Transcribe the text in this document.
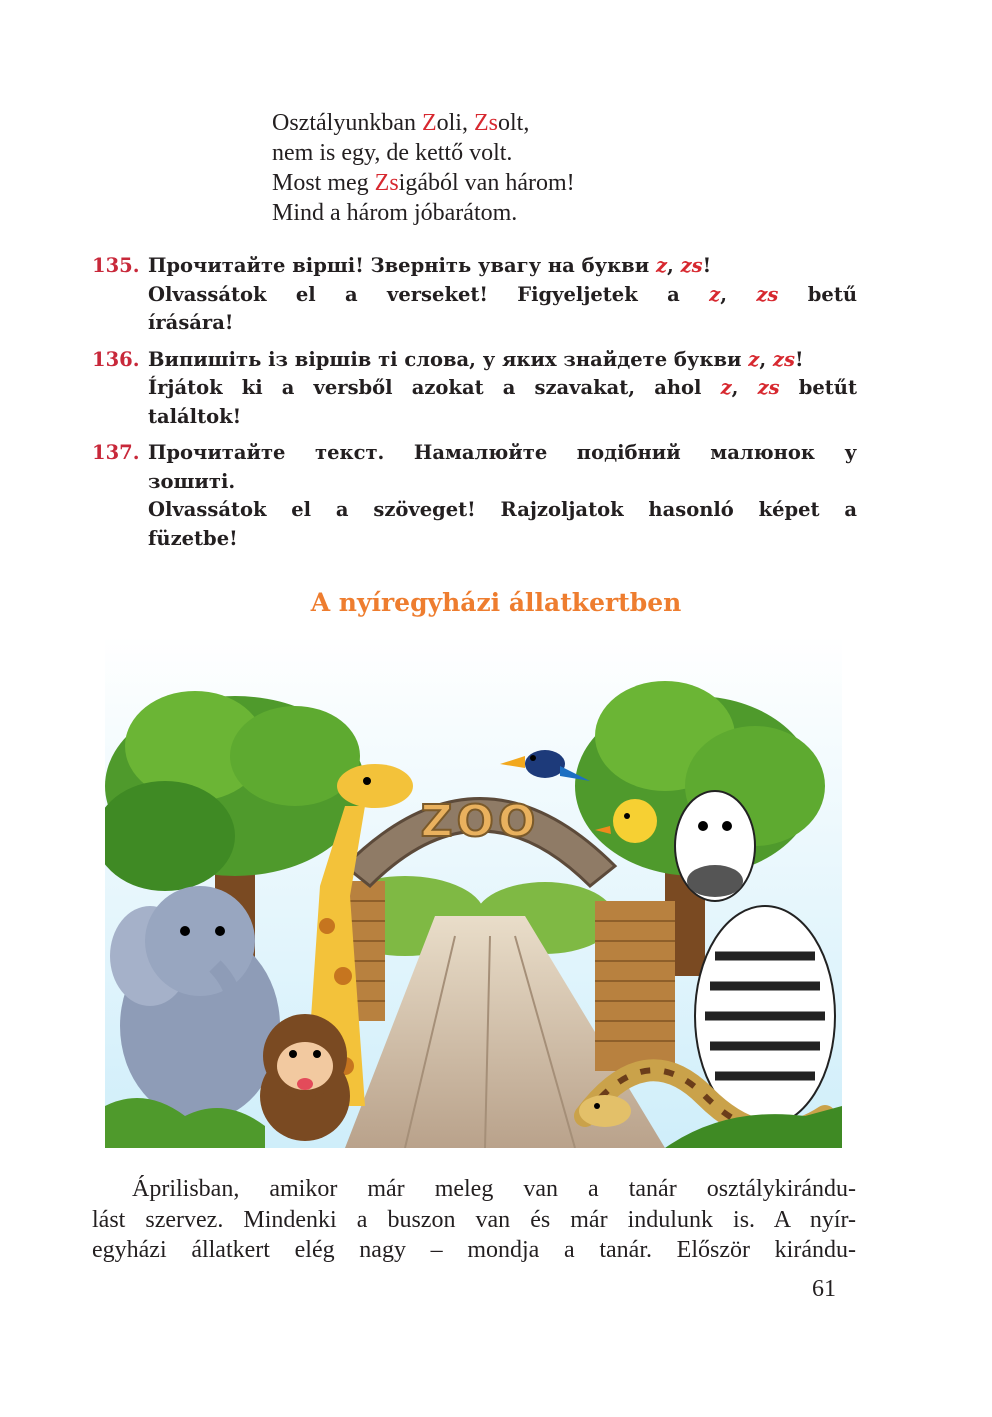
Osztályunkban Zoli, Zsolt,
nem is egy, de kettő volt.
Most meg Zsigából van három!
Mind a három jóbarátom.
135. Прочитайте вірші! Зверніть увагу на букви z, zs!
Olvassátok el a verseket! Figyeljetek a z, zs betű
írására!
136. Випишіть із віршів ті слова, у яких знайдете букви z, zs!
Írjátok ki a versből azokat a szavakat, ahol z, zs betűt
találtok!
137. Прочитайте текст. Намалюйте подібний малюнок у
зошиті.
Olvassátok el a szöveget! Rajzoljatok hasonló képet a
füzetbe!
A nyíregyházi állatkertben
ZOO
Áprilisban, amikor már meleg van a tanár osztálykirándu-
lást szervez. Mindenki a buszon van és már indulunk is. A nyír-
egyházi állatkert elég nagy – mondja a tanár. Először kirándu-
61
